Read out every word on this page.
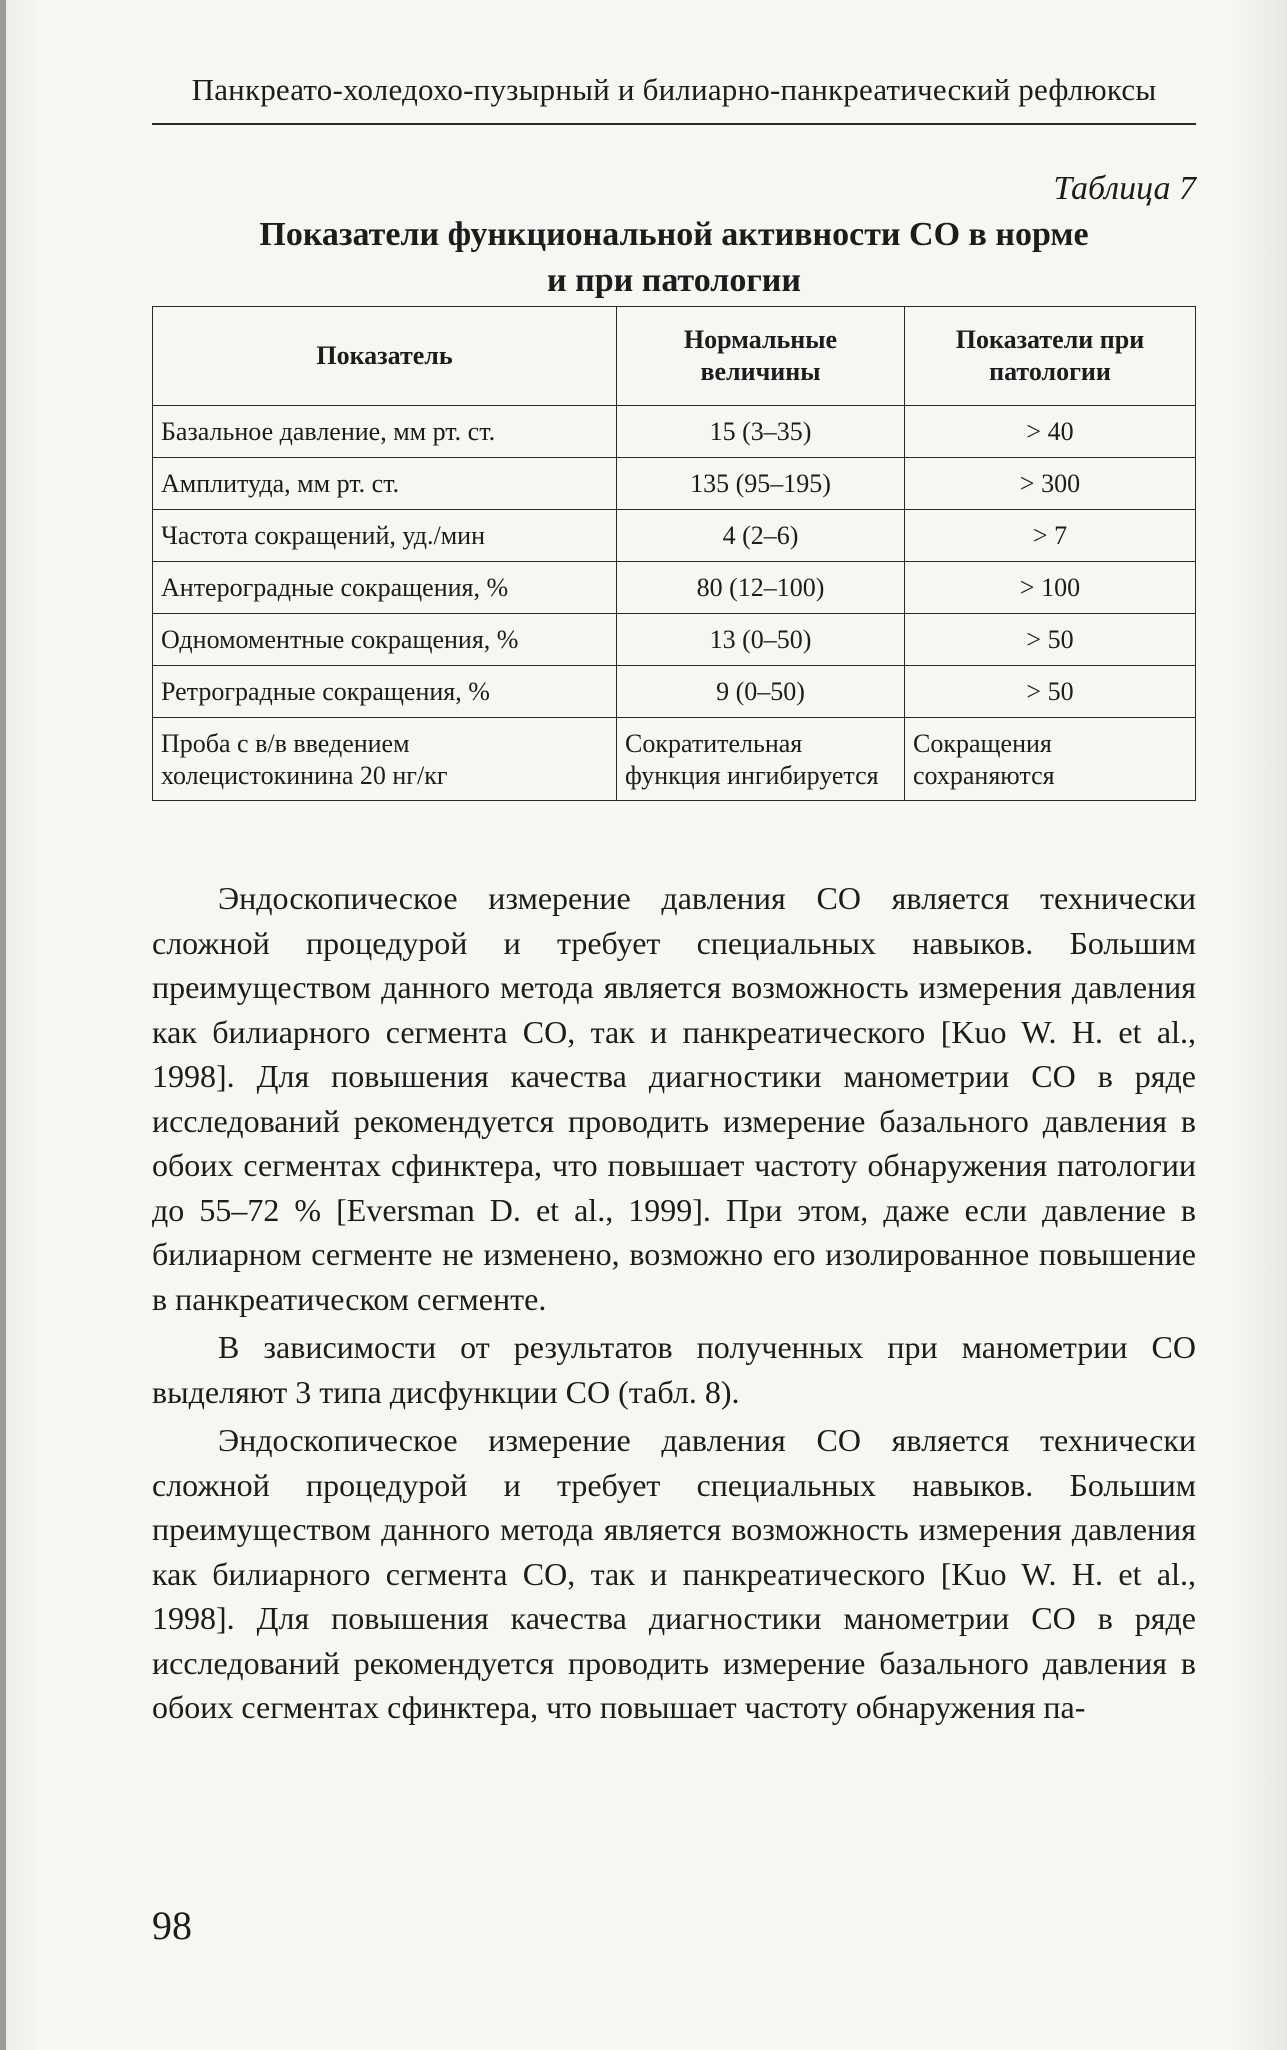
Панкреато-холедохо-пузырный и билиарно-панкреатический рефлюксы
Таблица 7
Показатели функциональной активности СО в норме
и при патологии
Показатель	Нормальные величины	Показатели при патологии
Базальное давление, мм рт. ст.	15 (3–35)	> 40
Амплитуда, мм рт. ст.	135 (95–195)	> 300
Частота сокращений, уд./мин	4 (2–6)	> 7
Антероградные сокращения, %	80 (12–100)	> 100
Одномоментные сокращения, %	13 (0–50)	> 50
Ретроградные сокращения, %	9 (0–50)	> 50
Проба с в/в введением холецистокинина 20 нг/кг	Сократительная функция ингибируется	Сокращения сохраняются

Эндоскопическое измерение давления СО является технически сложной процедурой и требует специальных навыков. Большим преимуществом данного метода является возможность измерения давления как билиарного сегмента СО, так и панкреатического [Kuo W. H. et al., 1998]. Для повышения качества диагностики манометрии СО в ряде исследований рекомендуется проводить измерение базального давления в обоих сегментах сфинктера, что повышает частоту обнаружения патологии до 55–72 % [Eversman D. et al., 1999]. При этом, даже если давление в билиарном сегменте не изменено, возможно его изолированное повышение в панкреатическом сегменте.

В зависимости от результатов полученных при манометрии СО выделяют 3 типа дисфункции СО (табл. 8).

Эндоскопическое измерение давления СО является технически сложной процедурой и требует специальных навыков. Большим преимуществом данного метода является возможность измерения давления как билиарного сегмента СО, так и панкреатического [Kuo W. H. et al., 1998]. Для повышения качества диагностики манометрии СО в ряде исследований рекомендуется проводить измерение базального давления в обоих сегментах сфинктера, что повышает частоту обнаружения па-

98
